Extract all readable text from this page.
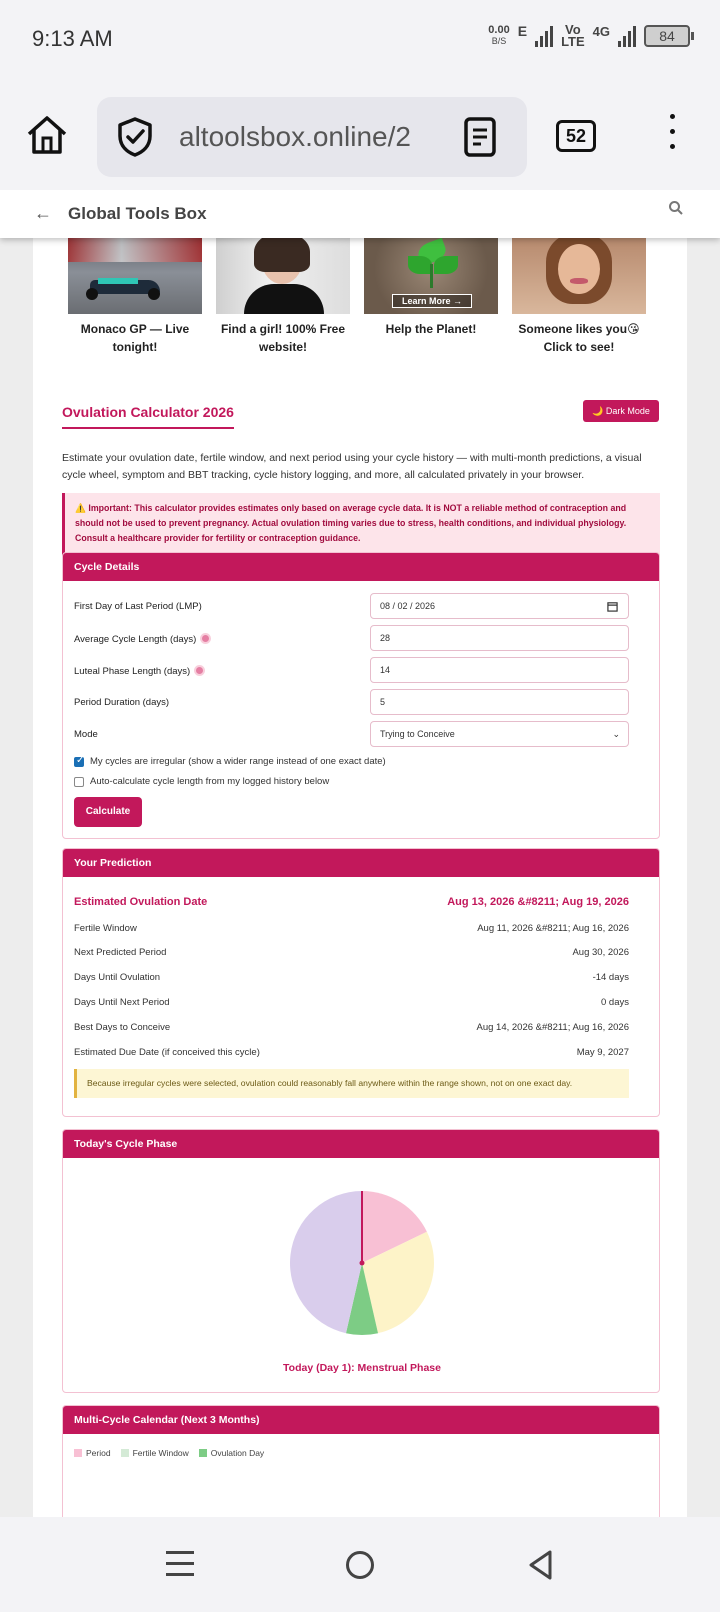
9:13 AM	0.00
B/S
E	Vo
LTE
4G	84
altoolsbox.online/2	52
← Global Tools Box
Monaco GP — Live tonight!
Find a girl! 100% Free website!
Learn More →
Help the Planet!	Someone likes you😘 Click to see!
Ovulation Calculator 2026	🌙 Dark Mode
Estimate your ovulation date, fertile window, and next period using your cycle history — with multi-month predictions, a visual cycle wheel, symptom and BBT tracking, cycle history logging, and more, all calculated privately in your browser.
⚠️ Important: This calculator provides estimates only based on average cycle data. It is NOT a reliable method of contraception and should not be used to prevent pregnancy. Actual ovulation timing varies due to stress, health conditions, and individual physiology. Consult a healthcare provider for fertility or contraception guidance.
Cycle Details
First Day of Last Period (LMP)	08 / 02 / 2026
Average Cycle Length (days)	28
Luteal Phase Length (days)	14
Period Duration (days)	5
Mode	Trying to Conceive	⌄
✓
My cycles are irregular (show a wider range instead of one exact date)
Auto-calculate cycle length from my logged history below
Calculate
Your Prediction
Estimated Ovulation Date	Aug 13, 2026 &#8211; Aug 19, 2026
Fertile Window	Aug 11, 2026 &#8211; Aug 16, 2026
Next Predicted Period	Aug 30, 2026
Days Until Ovulation	-14 days
Days Until Next Period	0 days
Best Days to Conceive	Aug 14, 2026 &#8211; Aug 16, 2026
Estimated Due Date (if conceived this cycle)	May 9, 2027
Because irregular cycles were selected, ovulation could reasonably fall anywhere within the range shown, not on one exact day.
Today's Cycle Phase
Today (Day 1): Menstrual Phase
Multi-Cycle Calendar (Next 3 Months)
Period	Fertile Window	Ovulation Day
